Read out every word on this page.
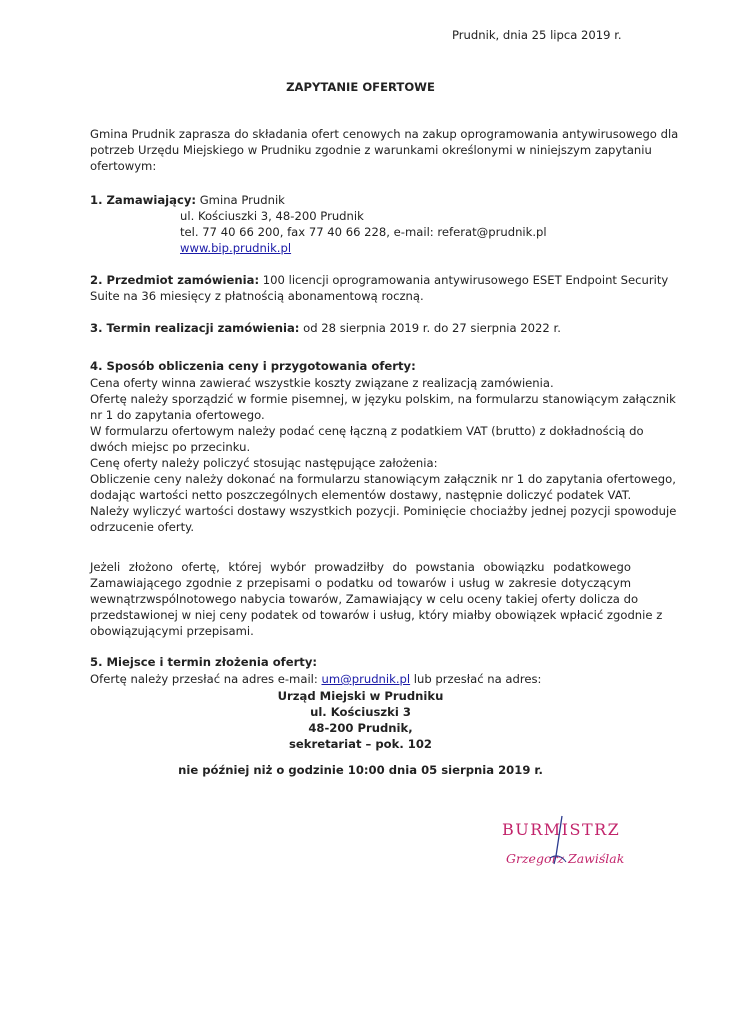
Prudnik, dnia 25 lipca 2019 r.
ZAPYTANIE OFERTOWE
Gmina Prudnik zaprasza do składania ofert cenowych na zakup oprogramowania antywirusowego dla
potrzeb Urzędu Miejskiego w Prudniku zgodnie z warunkami określonymi w niniejszym zapytaniu
ofertowym:
1. Zamawiający: Gmina Prudnik
ul. Kościuszki 3, 48-200 Prudnik
tel. 77 40 66 200, fax 77 40 66 228, e-mail: referat@prudnik.pl
www.bip.prudnik.pl
2. Przedmiot zamówienia: 100 licencji oprogramowania antywirusowego ESET Endpoint Security
Suite na 36 miesięcy z płatnością abonamentową roczną.
3. Termin realizacji zamówienia: od 28 sierpnia 2019 r. do 27 sierpnia 2022 r.
4. Sposób obliczenia ceny i przygotowania oferty:
Cena oferty winna zawierać wszystkie koszty związane z realizacją zamówienia.
Ofertę należy sporządzić w formie pisemnej, w języku polskim, na formularzu stanowiącym załącznik
nr 1 do zapytania ofertowego.
W formularzu ofertowym należy podać cenę łączną z podatkiem VAT (brutto) z dokładnością do
dwóch miejsc po przecinku.
Cenę oferty należy policzyć stosując następujące założenia:
Obliczenie ceny należy dokonać na formularzu stanowiącym załącznik nr 1 do zapytania ofertowego,
dodając wartości netto poszczególnych elementów dostawy, następnie doliczyć podatek VAT.
Należy wyliczyć wartości dostawy wszystkich pozycji. Pominięcie chociażby jednej pozycji spowoduje
odrzucenie oferty.
Jeżeli złożono ofertę, której wybór prowadziłby do powstania obowiązku podatkowego
Zamawiającego zgodnie z przepisami o podatku od towarów i usług w zakresie dotyczącym
wewnątrzwspólnotowego nabycia towarów, Zamawiający w celu oceny takiej oferty dolicza do
przedstawionej w niej ceny podatek od towarów i usług, który miałby obowiązek wpłacić zgodnie z
obowiązującymi przepisami.
5. Miejsce i termin złożenia oferty:
Ofertę należy przesłać na adres e-mail: um@prudnik.pl lub przesłać na adres:
Urząd Miejski w Prudniku
ul. Kościuszki 3
48-200 Prudnik,
sekretariat – pok. 102
nie później niż o godzinie 10:00 dnia 05 sierpnia 2019 r.
BURMISTRZ
Grzegorz Zawiślak
